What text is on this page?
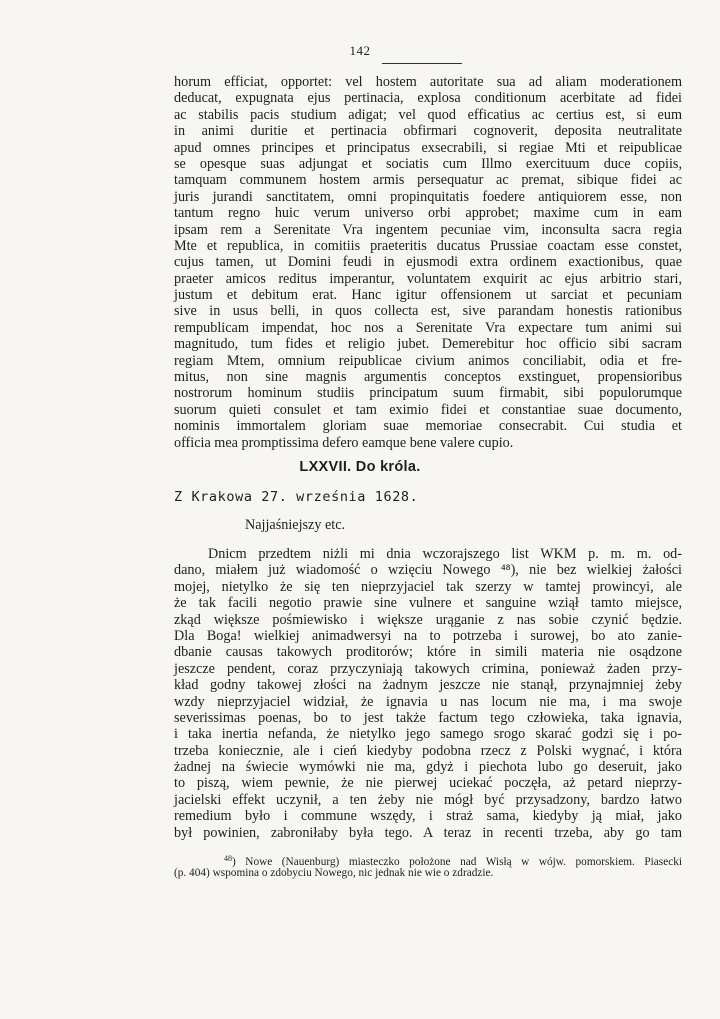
142
horum efficiat, opportet: vel hostem autoritate sua ad aliam moderationem
deducat, expugnata ejus pertinacia, explosa conditionum acerbitate ad fidei
ac stabilis pacis studium adigat; vel quod efficatius ac certius est, si eum
in animi duritie et pertinacia obfirmari cognoverit, deposita neutralitate
apud omnes principes et principatus exsecrabili, si regiae Mti et reipublicae
se opesque suas adjungat et sociatis cum Illmo exercituum duce copiis,
tamquam communem hostem armis persequatur ac premat, sibique fidei ac
juris jurandi sanctitatem, omni propinquitatis foedere antiquiorem esse, non
tantum regno huic verum universo orbi approbet; maxime cum in eam
ipsam rem a Serenitate Vra ingentem pecuniae vim, inconsulta sacra regia
Mte et republica, in comitiis praeteritis ducatus Prussiae coactam esse constet,
cujus tamen, ut Domini feudi in ejusmodi extra ordinem exactionibus, quae
praeter amicos reditus imperantur, voluntatem exquirit ac ejus arbitrio stari,
justum et debitum erat. Hanc igitur offensionem ut sarciat et pecuniam
sive in usus belli, in quos collecta est, sive parandam honestis rationibus
rempublicam impendat, hoc nos a Serenitate Vra expectare tum animi sui
magnitudo, tum fides et religio jubet. Demerebitur hoc officio sibi sacram
regiam Mtem, omnium reipublicae civium animos conciliabit, odia et fre-
mitus, non sine magnis argumentis conceptos exstinguet, propensioribus
nostrorum hominum studiis principatum suum firmabit, sibi populorumque
suorum quieti consulet et tam eximio fidei et constantiae suae documento,
nominis immortalem gloriam suae memoriae consecrabit. Cui studia et
officia mea promptissima defero eamque bene valere cupio.
LXXVII. Do króla.
Z Krakowa 27. września 1628.
Najjaśniejszy etc.
Dnicm przedtem niżli mi dnia wczorajszego list WKM p. m. m. od-
dano, miałem już wiadomość o wzięciu Nowego ⁴⁸), nie bez wielkiej żałości
mojej, nietylko że się ten nieprzyjaciel tak szerzy w tamtej prowincyi, ale
że tak facili negotio prawie sine vulnere et sanguine wziął tamto miejsce,
zkąd większe pośmiewisko i większe urąganie z nas sobie czynić będzie.
Dla Boga! wielkiej animadwersyi na to potrzeba i surowej, bo ato zanie-
dbanie causas takowych proditorów; które in simili materia nie osądzone
jeszcze pendent, coraz przyczyniają takowych crimina, ponieważ żaden przy-
kład godny takowej złości na żadnym jeszcze nie stanął, przynajmniej żeby
wzdy nieprzyjaciel widział, że ignavia u nas locum nie ma, i ma swoje
severissimas poenas, bo to jest także factum tego człowieka, taka ignavia,
i taka inertia nefanda, że nietylko jego samego srogo skarać godzi się i po-
trzeba koniecznie, ale i cień kiedyby podobna rzecz z Polski wygnać, i która
żadnej na świecie wymówki nie ma, gdyż i piechota lubo go deseruit, jako
to piszą, wiem pewnie, że nie pierwej uciekać poczęła, aż petard nieprzy-
jacielski effekt uczynił, a ten żeby nie mógł być przysadzony, bardzo łatwo
remedium było i commune wszędy, i straż sama, kiedyby ją miał, jako
był powinien, zabroniłaby była tego. A teraz in recenti trzeba, aby go tam
$^{48}$) Nowe (Nauenburg) miasteczko położone nad Wisłą w wójw. pomorskiem. Piasecki
(p. 404) wspomina o zdobyciu Nowego, nic jednak nie wie o zdradzie.
